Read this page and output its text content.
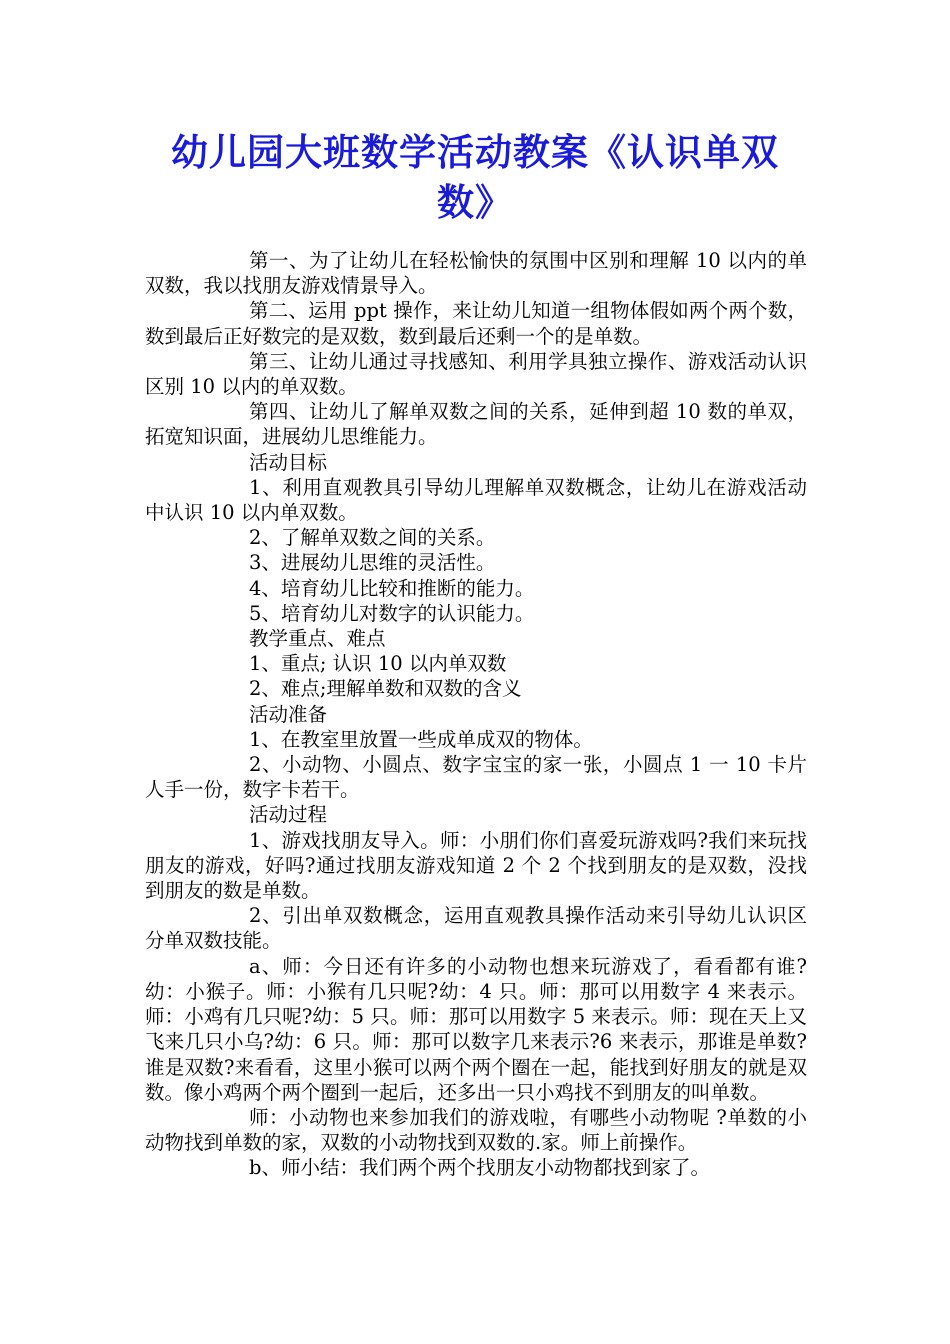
幼儿园大班数学活动教案《认识单双数》

第一、为了让幼儿在轻松愉快的氛围中区别和理解 10 以内的单双数，我以找朋友游戏情景导入。

第二、运用 ppt 操作，来让幼儿知道一组物体假如两个两个数，数到最后正好数完的是双数，数到最后还剩一个的是单数。

第三、让幼儿通过寻找感知、利用学具独立操作、游戏活动认识区别 10 以内的单双数。

第四、让幼儿了解单双数之间的关系，延伸到超 10 数的单双，拓宽知识面，进展幼儿思维能力。

活动目标

1、利用直观教具引导幼儿理解单双数概念，让幼儿在游戏活动中认识 10 以内单双数。

2、了解单双数之间的关系。

3、进展幼儿思维的灵活性。

4、培育幼儿比较和推断的能力。

5、培育幼儿对数字的认识能力。

教学重点、难点

1、重点; 认识 10 以内单双数

2、难点;理解单数和双数的含义

活动准备

1、在教室里放置一些成单成双的物体。

2、小动物、小圆点、数字宝宝的家一张，小圆点 1 一 10 卡片人手一份，数字卡若干。

活动过程

1、游戏找朋友导入。师：小朋们你们喜爱玩游戏吗?我们来玩找朋友的游戏，好吗?通过找朋友游戏知道 2 个 2 个找到朋友的是双数，没找到朋友的数是单数。

2、引出单双数概念，运用直观教具操作活动来引导幼儿认识区分单双数技能。

a、师：今日还有许多的小动物也想来玩游戏了，看看都有谁?幼：小猴子。师：小猴有几只呢?幼：4 只。师：那可以用数字 4 来表示。师：小鸡有几只呢?幼：5 只。师：那可以用数字 5 来表示。师：现在天上又飞来几只小乌?幼：6 只。师：那可以数字几来表示?6 来表示，那谁是单数?谁是双数?来看看，这里小猴可以两个两个圈在一起，能找到好朋友的就是双数。像小鸡两个两个圈到一起后，还多出一只小鸡找不到朋友的叫单数。

师：小动物也来参加我们的游戏啦，有哪些小动物呢 ?单数的小动物找到单数的家，双数的小动物找到双数的.家。师上前操作。

b、师小结：我们两个两个找朋友小动物都找到家了。
